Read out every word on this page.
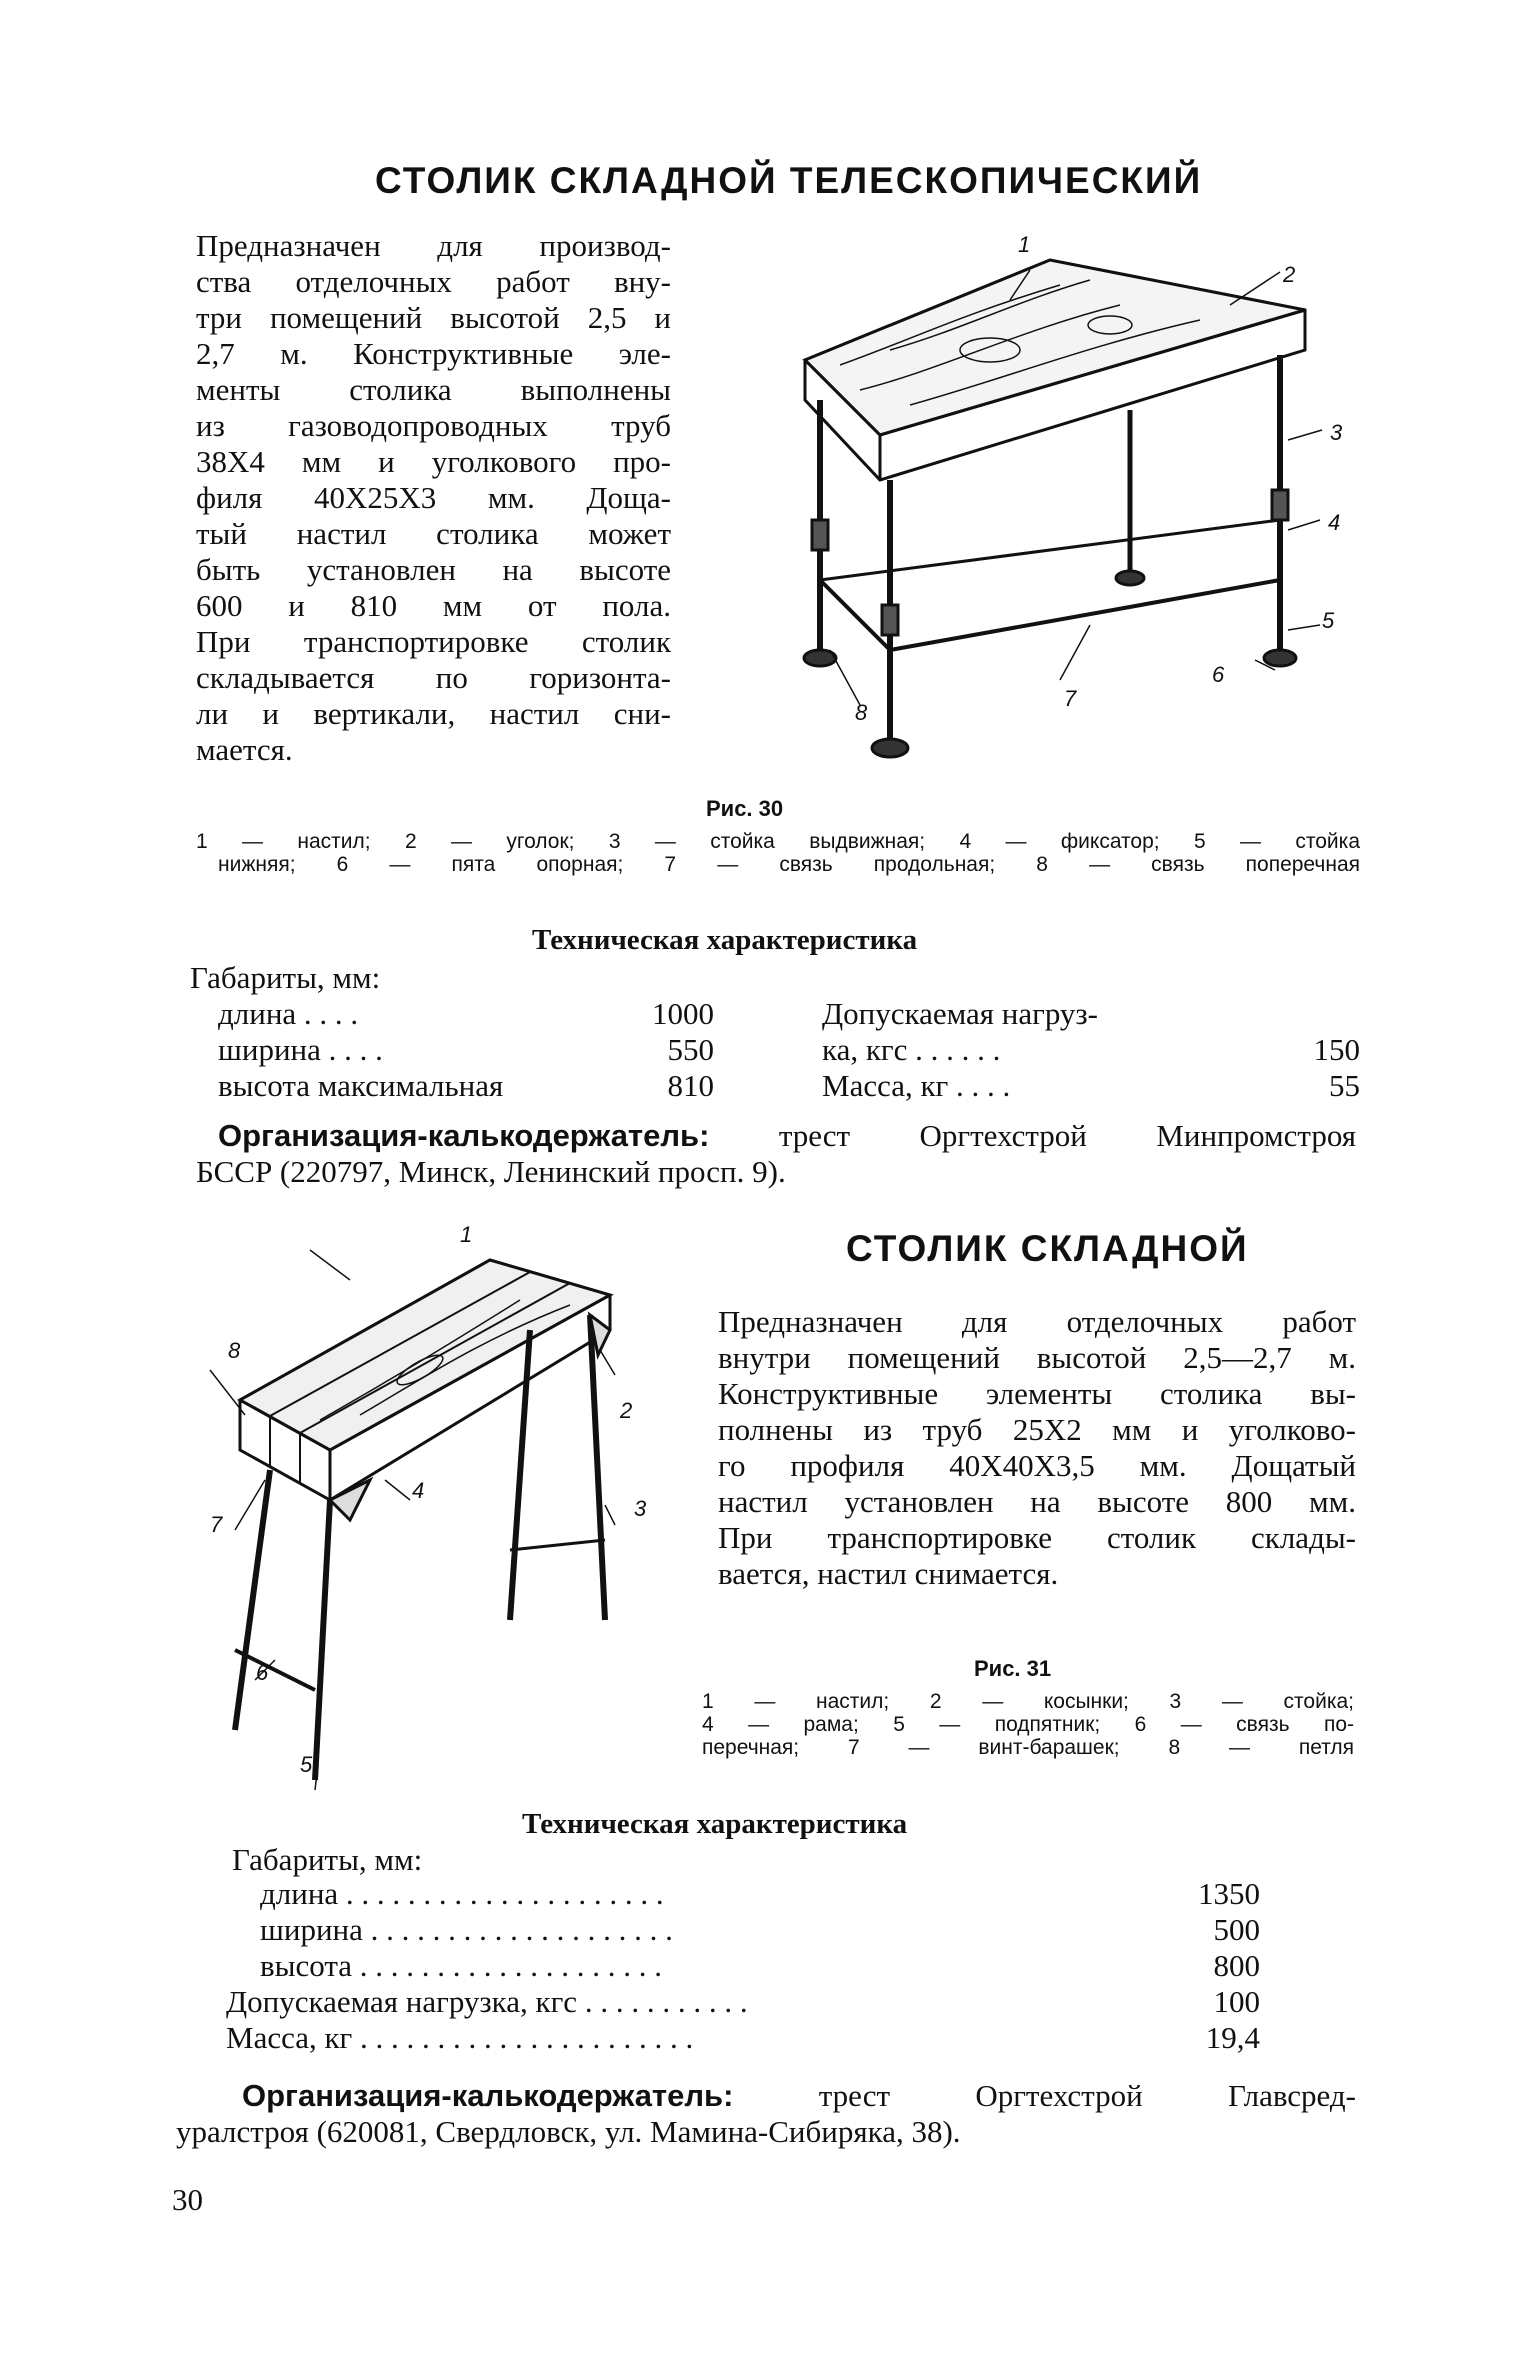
СТОЛИК СКЛАДНОЙ ТЕЛЕСКОПИЧЕСКИЙ
Предназначен для производ-
ства отделочных работ вну-
три помещений высотой 2,5 и
2,7 м. Конструктивные эле-
менты столика выполнены
из газоводопроводных труб
38Х4 мм и уголкового про-
филя 40Х25Х3 мм. Доща-
тый настил столика может
быть установлен на высоте
600 и 810 мм от пола.
При транспортировке столик
складывается по горизонта-
ли и вертикали, настил сни-
мается.
1
2
3
4
5
6
7
8
Рис. 30
1 — настил; 2 — уголок; 3 — стойка выдвижная; 4 — фиксатор; 5 — стойка
нижняя; 6 — пята опорная; 7 — связь продольная; 8 — связь поперечная
Техническая характеристика
Габариты, мм:
длина . . . .	1000
ширина . . . .	550
высота максимальная	810
Допускаемая нагруз-
ка, кгс . . . . . .	150
Масса, кг . . . .	55
Организация-калькодержатель: трест Оргтехстрой Минпромстроя
БССР (220797, Минск, Ленинский просп. 9).
1
2
3
4
5
6
7
8
СТОЛИК СКЛАДНОЙ
Предназначен для отделочных работ
внутри помещений высотой 2,5—2,7 м.
Конструктивные элементы столика вы-
полнены из труб 25Х2 мм и уголково-
го профиля 40Х40Х3,5 мм. Дощатый
настил установлен на высоте 800 мм.
При транспортировке столик склады-
вается, настил снимается.
Рис. 31
1 — настил; 2 — косынки; 3 — стойка;
4 — рама; 5 — подпятник; 6 — связь по-
перечная; 7 — винт-барашек; 8 — петля
Техническая характеристика
Габариты, мм:
длина . . . . . . . . . . . . . . . . . . . . .	1350
ширина . . . . . . . . . . . . . . . . . . . .	500
высота . . . . . . . . . . . . . . . . . . . .	800
Допускаемая нагрузка, кгс . . . . . . . . . . .	100
Масса, кг . . . . . . . . . . . . . . . . . . . . . .	19,4
Организация-калькодержатель:	трест Оргтехстрой Главсред-
уралстроя (620081, Свердловск, ул. Мамина-Сибиряка, 38).
30
